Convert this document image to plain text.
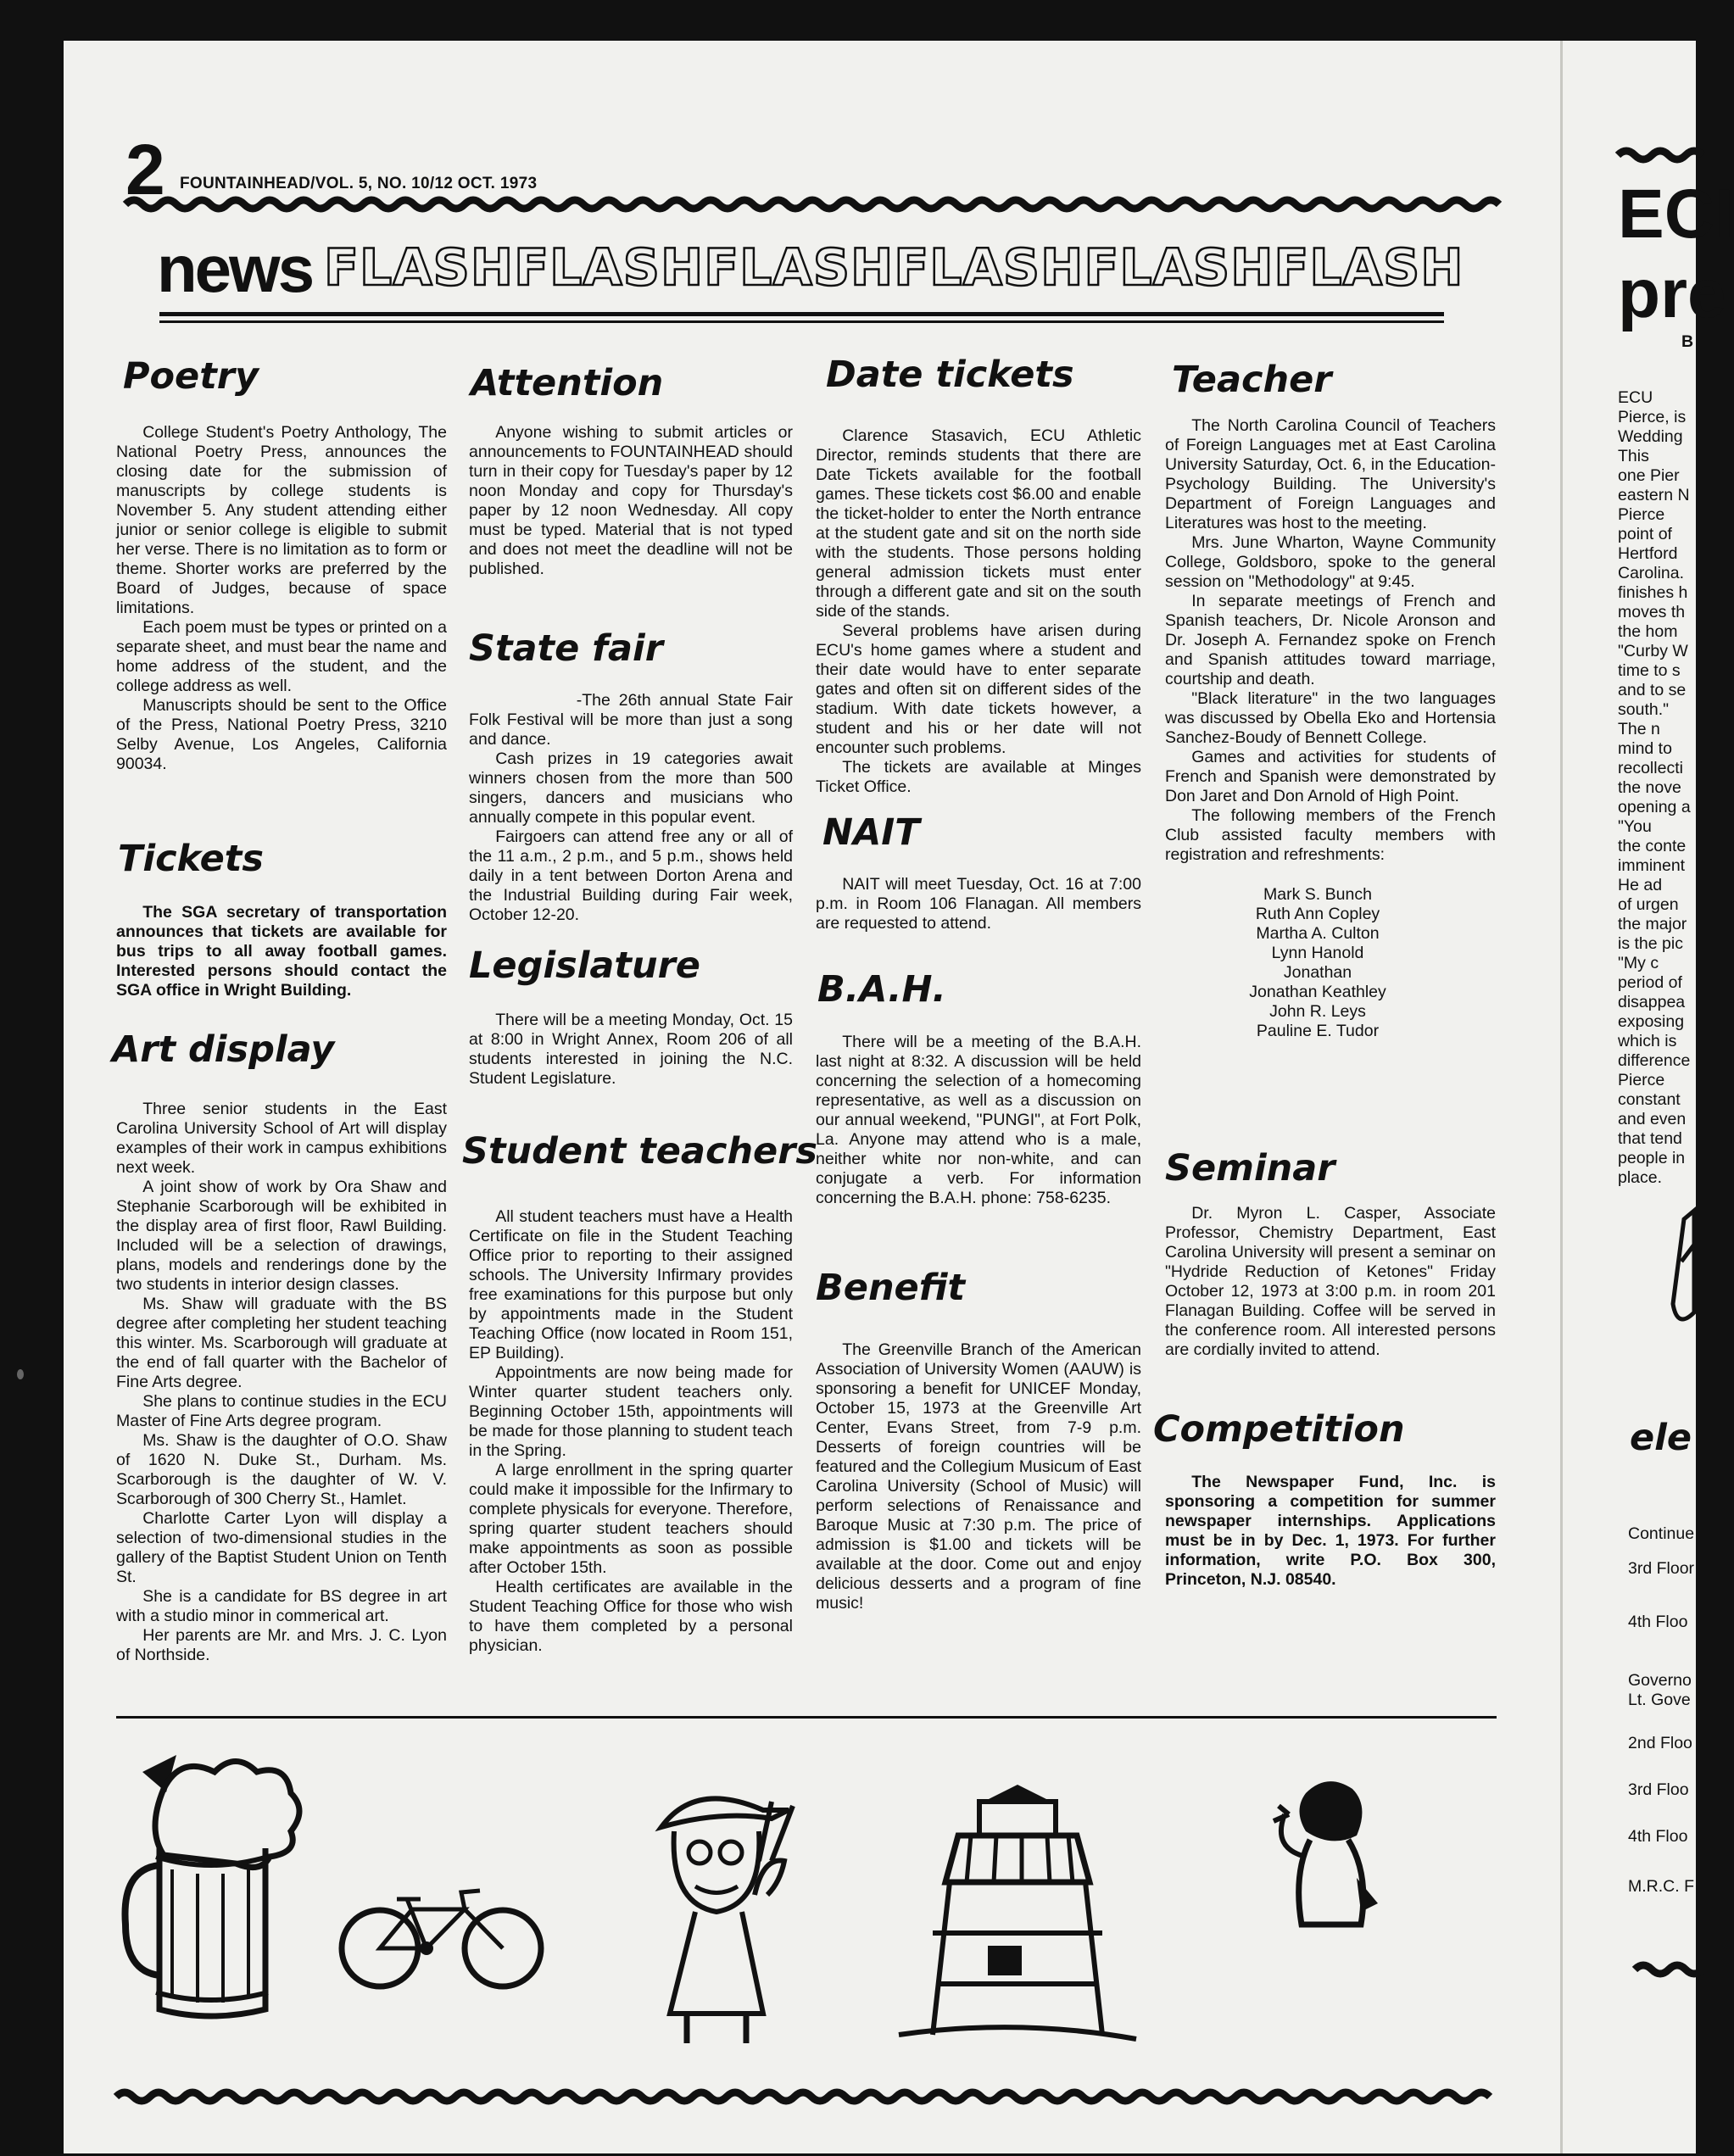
2 FOUNTAINHEAD/VOL. 5, NO. 10/12 OCT. 1973
news FLASHFLASHFLASHFLASHFLASHFLASH
Poetry

College Student's Poetry Anthology, The National Poetry Press, announces the closing date for the submission of manuscripts by college students is November 5. Any student attending either junior or senior college is eligible to submit her verse. There is no limitation as to form or theme. Shorter works are preferred by the Board of Judges, because of space limitations.

Each poem must be types or printed on a separate sheet, and must bear the name and home address of the student, and the college address as well.

Manuscripts should be sent to the Office of the Press, National Poetry Press, 3210 Selby Avenue, Los Angeles, California 90034.

Tickets

The SGA secretary of transportation announces that tickets are available for bus trips to all away football games. Interested persons should contact the SGA office in Wright Building.

Art display

Three senior students in the East Carolina University School of Art will display examples of their work in campus exhibitions next week.

A joint show of work by Ora Shaw and Stephanie Scarborough will be exhibited in the display area of first floor, Rawl Building. Included will be a selection of drawings, plans, models and renderings done by the two students in interior design classes.

Ms. Shaw will graduate with the BS degree after completing her student teaching this winter. Ms. Scarborough will graduate at the end of fall quarter with the Bachelor of Fine Arts degree.

She plans to continue studies in the ECU Master of Fine Arts degree program.

Ms. Shaw is the daughter of O.O. Shaw of 1620 N. Duke St., Durham. Ms. Scarborough is the daughter of W. V. Scarborough of 300 Cherry St., Hamlet.

Charlotte Carter Lyon will display a selection of two-dimensional studies in the gallery of the Baptist Student Union on Tenth St.

She is a candidate for BS degree in art with a studio minor in commerical art.

Her parents are Mr. and Mrs. J. C. Lyon of Northside.

Attention

Anyone wishing to submit articles or announcements to FOUNTAINHEAD should turn in their copy for Tuesday's paper by 12 noon Monday and copy for Thursday's paper by 12 noon Wednesday. All copy must be typed. Material that is not typed and does not meet the deadline will not be published.

State fair

-The 26th annual State Fair Folk Festival will be more than just a song and dance.

Cash prizes in 19 categories await winners chosen from the more than 500 singers, dancers and musicians who annually compete in this popular event.

Fairgoers can attend free any or all of the 11 a.m., 2 p.m., and 5 p.m., shows held daily in a tent between Dorton Arena and the Industrial Building during Fair week, October 12-20.

Legislature

There will be a meeting Monday, Oct. 15 at 8:00 in Wright Annex, Room 206 of all students interested in joining the N.C. Student Legislature.

Student teachers

All student teachers must have a Health Certificate on file in the Student Teaching Office prior to reporting to their assigned schools. The University Infirmary provides free examinations for this purpose but only by appointments made in the Student Teaching Office (now located in Room 151, EP Building).

Appointments are now being made for Winter quarter student teachers only. Beginning October 15th, appointments will be made for those planning to student teach in the Spring.

A large enrollment in the spring quarter could make it impossible for the Infirmary to complete physicals for everyone. Therefore, spring quarter student teachers should make appointments as soon as possible after October 15th.

Health certificates are available in the Student Teaching Office for those who wish to have them completed by a personal physician.

Date tickets

Clarence Stasavich, ECU Athletic Director, reminds students that there are Date Tickets available for the football games. These tickets cost $6.00 and enable the ticket-holder to enter the North entrance at the student gate and sit on the north side with the students. Those persons holding general admission tickets must enter through a different gate and sit on the south side of the stands.

Several problems have arisen during ECU's home games where a student and their date would have to enter separate gates and often sit on different sides of the stadium. With date tickets however, a student and his or her date will not encounter such problems.

The tickets are available at Minges Ticket Office.

NAIT

NAIT will meet Tuesday, Oct. 16 at 7:00 p.m. in Room 106 Flanagan. All members are requested to attend.

B.A.H.

There will be a meeting of the B.A.H. last night at 8:32. A discussion will be held concerning the selection of a homecoming representative, as well as a discussion on our annual weekend, "PUNGI", at Fort Polk, La. Anyone may attend who is a male, neither white nor non-white, and can conjugate a verb. For information concerning the B.A.H. phone: 758-6235.

Benefit

The Greenville Branch of the American Association of University Women (AAUW) is sponsoring a benefit for UNICEF Monday, October 15, 1973 at the Greenville Art Center, Evans Street, from 7-9 p.m. Desserts of foreign countries will be featured and the Collegium Musicum of East Carolina University (School of Music) will perform selections of Renaissance and Baroque Music at 7:30 p.m. The price of admission is $1.00 and tickets will be available at the door. Come out and enjoy delicious desserts and a program of fine music!

Teacher

The North Carolina Council of Teachers of Foreign Languages met at East Carolina University Saturday, Oct. 6, in the Education-Psychology Building. The University's Department of Foreign Languages and Literatures was host to the meeting.

Mrs. June Wharton, Wayne Community College, Goldsboro, spoke to the general session on "Methodology" at 9:45.

In separate meetings of French and Spanish teachers, Dr. Nicole Aronson and Dr. Joseph A. Fernandez spoke on French and Spanish attitudes toward marriage, courtship and death.

"Black literature" in the two languages was discussed by Obella Eko and Hortensia Sanchez-Boudy of Bennett College.

Games and activities for students of French and Spanish were demonstrated by Don Jaret and Don Arnold of High Point.

The following members of the French Club assisted faculty members with registration and refreshments:

Mark S. Bunch
Ruth Ann Copley
Martha A. Culton
Lynn Hanold
Jonathan
Jonathan Keathley
John R. Leys
Pauline E. Tudor
Seminar

Dr. Myron L. Casper, Associate Professor, Chemistry Department, East Carolina University will present a seminar on "Hydride Reduction of Ketones" Friday October 12, 1973 at 3:00 p.m. in room 201 Flanagan Building. Coffee will be served in the conference room. All interested persons are cordially invited to attend.

Competition

The Newspaper Fund, Inc. is sponsoring a competition for summer newspaper internships. Applications must be in by Dec. 1, 1973. For further information, write P.O. Box 300, Princeton, N.J. 08540.

ECI
pre
B
ECU
Pierce, is
Wedding
This
one Pier
eastern N
Pierce
point of
Hertford
Carolina.
finishes h
moves th
the hom
"Curby W
time to s
and to se
south."
The n
mind to
recollecti
the nove
opening a
"You
the conte
imminent
He ad
of urgen
the major
is the pic
"My c
period of
disappea
exposing
which is
difference
Pierce
constant
and even
that tend
people in
place.
ele
Continue
3rd Floor
4th Floo
Governo
Lt. Gove
2nd Floo
3rd Floo
4th Floo
M.R.C. F
